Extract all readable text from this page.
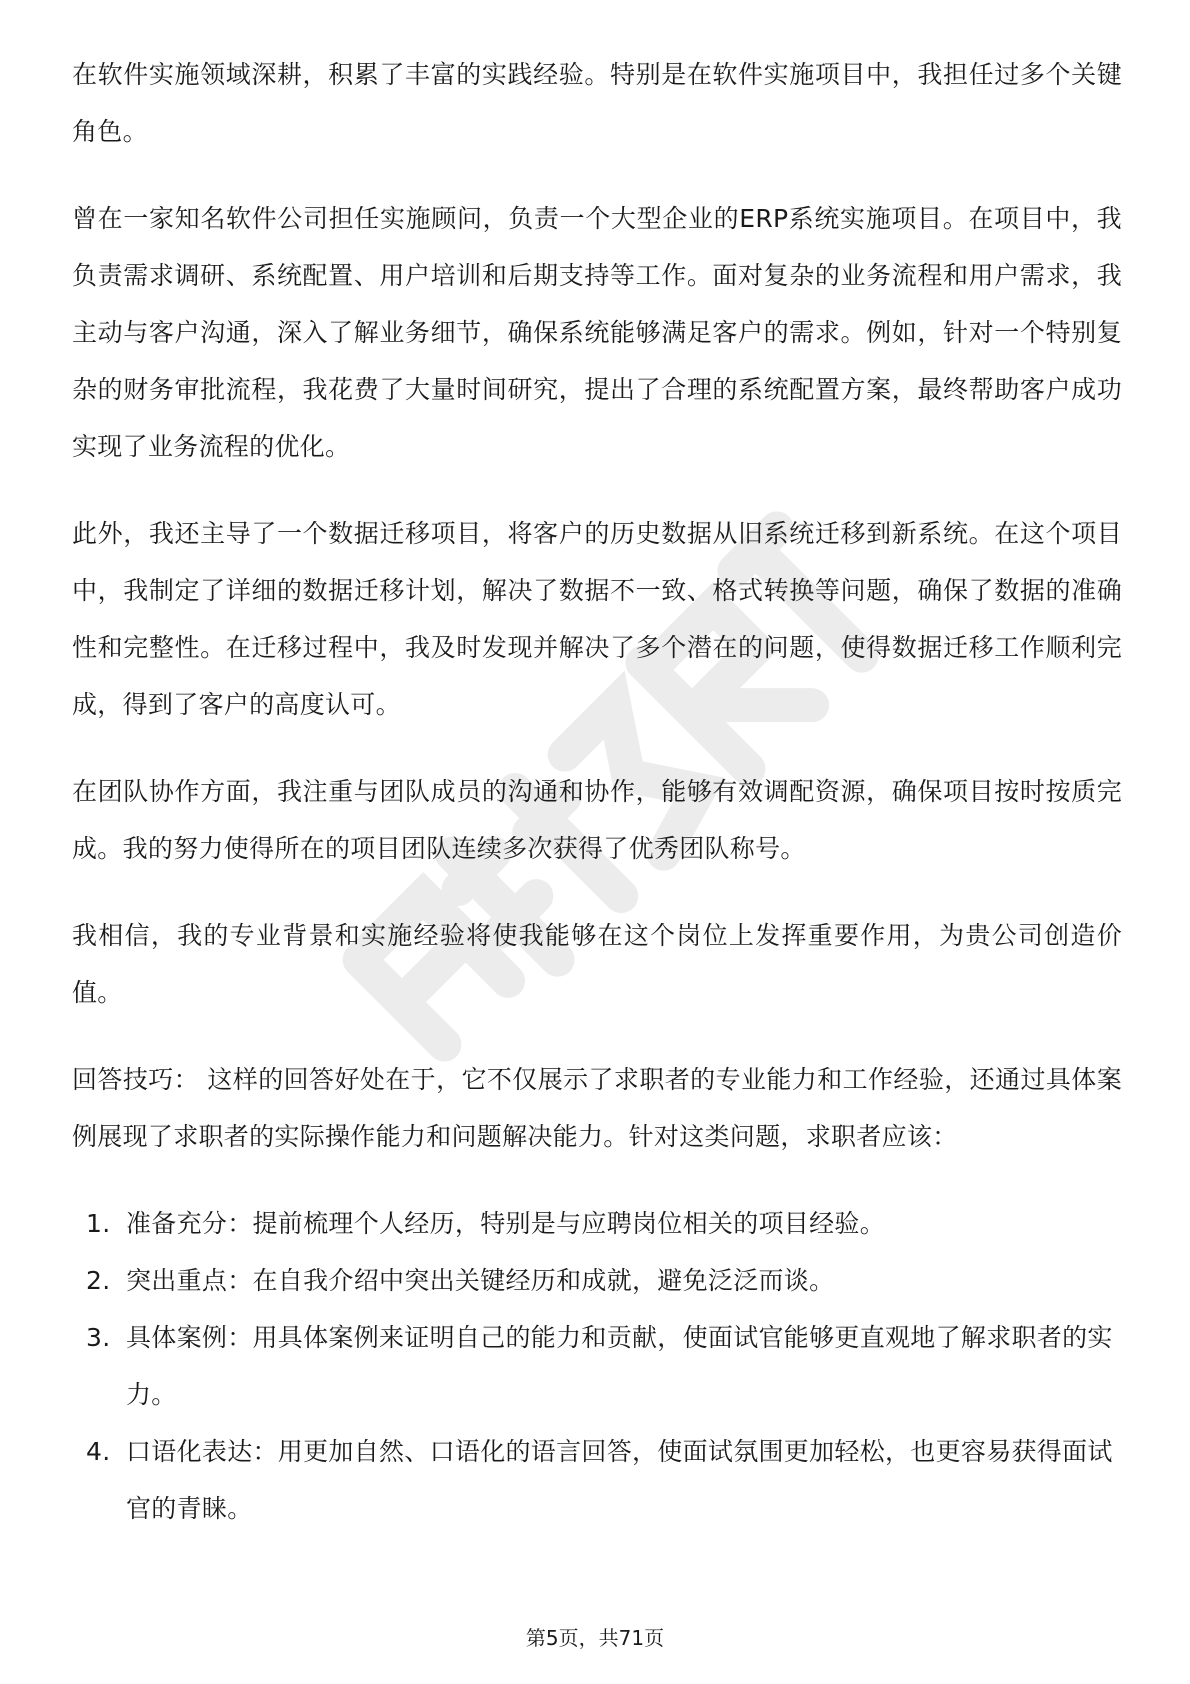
在软件实施领域深耕，积累了丰富的实践经验。特别是在软件实施项目中，我担任过多个关键角色。

曾在一家知名软件公司担任实施顾问，负责一个大型企业的ERP系统实施项目。在项目中，我负责需求调研、系统配置、用户培训和后期支持等工作。面对复杂的业务流程和用户需求，我主动与客户沟通，深入了解业务细节，确保系统能够满足客户的需求。例如，针对一个特别复杂的财务审批流程，我花费了大量时间研究，提出了合理的系统配置方案，最终帮助客户成功实现了业务流程的优化。

此外，我还主导了一个数据迁移项目，将客户的历史数据从旧系统迁移到新系统。在这个项目中，我制定了详细的数据迁移计划，解决了数据不一致、格式转换等问题，确保了数据的准确性和完整性。在迁移过程中，我及时发现并解决了多个潜在的问题，使得数据迁移工作顺利完成，得到了客户的高度认可。

在团队协作方面，我注重与团队成员的沟通和协作，能够有效调配资源，确保项目按时按质完成。我的努力使得所在的项目团队连续多次获得了优秀团队称号。

我相信，我的专业背景和实施经验将使我能够在这个岗位上发挥重要作用，为贵公司创造价值。

回答技巧： 这样的回答好处在于，它不仅展示了求职者的专业能力和工作经验，还通过具体案例展现了求职者的实际操作能力和问题解决能力。针对这类问题，求职者应该：

1. 准备充分：提前梳理个人经历，特别是与应聘岗位相关的项目经验。
2. 突出重点：在自我介绍中突出关键经历和成就，避免泛泛而谈。
3. 具体案例：用具体案例来证明自己的能力和贡献，使面试官能够更直观地了解求职者的实力。
4. 口语化表达：用更加自然、口语化的语言回答，使面试氛围更加轻松，也更容易获得面试官的青睐。
第5页，共71页
